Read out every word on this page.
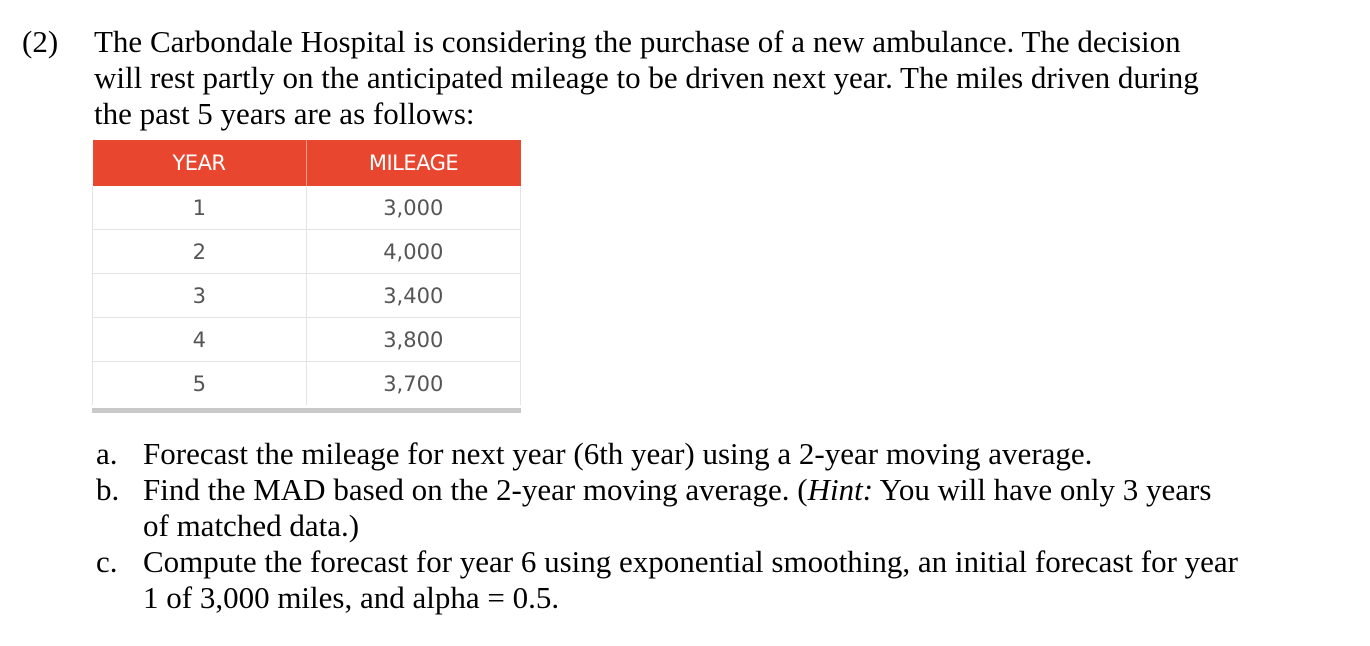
(2) The Carbondale Hospital is considering the purchase of a new ambulance. The decision
will rest partly on the anticipated mileage to be driven next year. The miles driven during
the past 5 years are as follows:
YEAR	MILEAGE
1	3,000
2	4,000
3	3,400
4	3,800
5	3,700
a. Forecast the mileage for next year (6th year) using a 2-year moving average.
b. Find the MAD based on the 2-year moving average. (Hint: You will have only 3 years
of matched data.)
c. Compute the forecast for year 6 using exponential smoothing, an initial forecast for year
1 of 3,000 miles, and alpha = 0.5.
